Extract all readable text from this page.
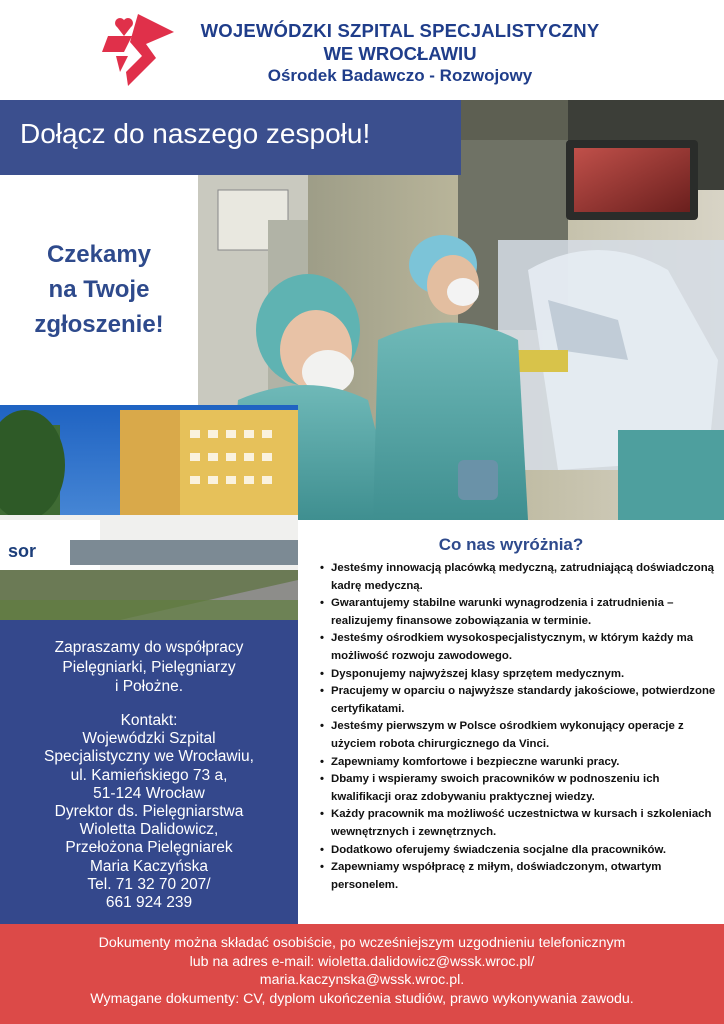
WOJEWÓDZKI SZPITAL SPECJALISTYCZNY
WE WROCŁAWIU
Ośrodek Badawczo - Rozwojowy
Dołącz do naszego zespołu!
Czekamy
na Twoje
zgłoszenie!
sor
Zapraszamy do współpracy
Pielęgniarki, Pielęgniarzy
i Położne.
Kontakt:
Wojewódzki Szpital
Specjalistyczny we Wrocławiu,
ul. Kamieńskiego 73 a,
51-124 Wrocław
Dyrektor ds. Pielęgniarstwa
Wioletta Dalidowicz,
Przełożona Pielęgniarek
Maria Kaczyńska
Tel. 71 32 70 207/
661 924 239
Co nas wyróżnia?
• Jesteśmy innowacją placówką medyczną, zatrudniającą doświadczoną kadrę medyczną.
• Gwarantujemy stabilne warunki wynagrodzenia i zatrudnienia – realizujemy finansowe zobowiązania w terminie.
• Jesteśmy ośrodkiem wysokospecjalistycznym, w którym każdy ma możliwość rozwoju zawodowego.
• Dysponujemy najwyższej klasy sprzętem medycznym.
• Pracujemy w oparciu o najwyższe standardy jakościowe, potwierdzone certyfikatami.
• Jesteśmy pierwszym w Polsce ośrodkiem wykonujący operacje z użyciem robota chirurgicznego da Vinci.
• Zapewniamy komfortowe i bezpieczne warunki pracy.
• Dbamy i wspieramy swoich pracowników w podnoszeniu ich kwalifikacji oraz zdobywaniu praktycznej wiedzy.
• Każdy pracownik ma możliwość uczestnictwa w kursach i szkoleniach wewnętrznych i zewnętrznych.
• Dodatkowo oferujemy świadczenia socjalne dla pracowników.
• Zapewniamy współpracę z miłym, doświadczonym, otwartym personelem.
Dokumenty można składać osobiście, po wcześniejszym uzgodnieniu telefonicznym
lub na adres e-mail: wioletta.dalidowicz@wssk.wroc.pl/
maria.kaczynska@wssk.wroc.pl.
Wymagane dokumenty: CV, dyplom ukończenia studiów, prawo wykonywania zawodu.
